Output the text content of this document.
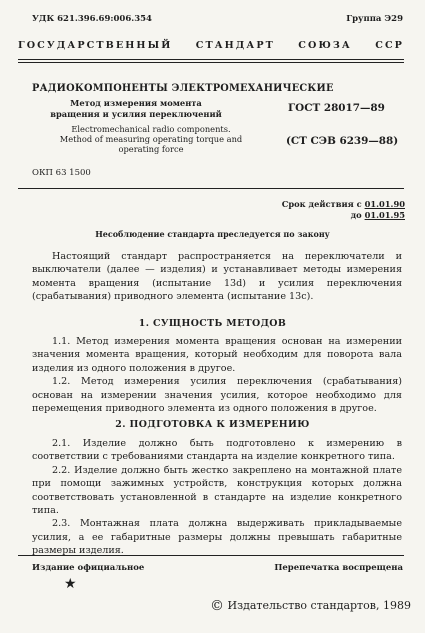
УДК 621.396.69:006.354	Группа Э29
ГОСУДАРСТВЕННЫЙ СТАНДАРТ СОЮЗА ССР
РАДИОКОМПОНЕНТЫ ЭЛЕКТРОМЕХАНИЧЕСКИЕ
Метод измерения момента вращения и усилия переключений
Electromechanical radio components. Method of measuring operating torque and operating force
ГОСТ 28017—89
(СТ СЭВ 6239—88)
ОКП 63 1500
Срок действия с 01.01.90
до 01.01.95
Несоблюдение стандарта преследуется по закону

Настоящий стандарт распространяется на переключатели и выключатели (далее — изделия) и устанавливает методы измерения момента вращения (испытание 13d) и усилия переключения (срабатывания) приводного элемента (испытание 13c).

1. СУЩНОСТЬ МЕТОДОВ

1.1. Метод измерения момента вращения основан на измерении значения момента вращения, который необходим для поворота вала изделия из одного положения в другое.

1.2. Метод измерения усилия переключения (срабатывания) основан на измерении значения усилия, которое необходимо для перемещения приводного элемента из одного положения в другое.

2. ПОДГОТОВКА К ИЗМЕРЕНИЮ

2.1. Изделие должно быть подготовлено к измерению в соответствии с требованиями стандарта на изделие конкретного типа.

2.2. Изделие должно быть жестко закреплено на монтажной плате при помощи зажимных устройств, конструкция которых должна соответствовать установленной в стандарте на изделие конкретного типа.

2.3. Монтажная плата должна выдерживать прикладываемые усилия, а ее габаритные размеры должны превышать габаритные размеры изделия.

Издание официальное	Перепечатка воспрещена
★
© Издательство стандартов, 1989
